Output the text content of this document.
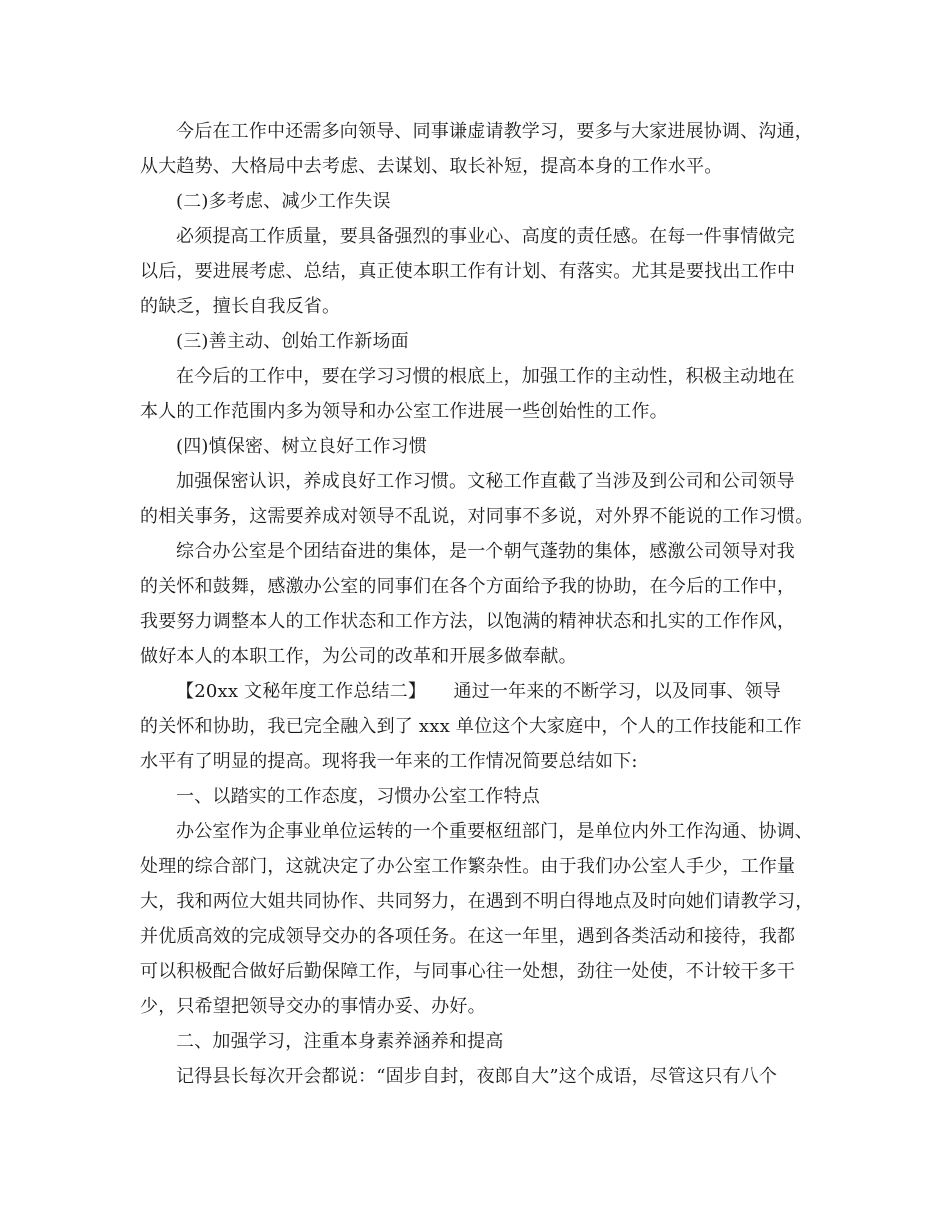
今后在工作中还需多向领导、同事谦虚请教学习，要多与大家进展协调、沟通，
从大趋势、大格局中去考虑、去谋划、取长补短，提高本身的工作水平。
(二)多考虑、减少工作失误
必须提高工作质量，要具备强烈的事业心、高度的责任感。在每一件事情做完
以后，要进展考虑、总结，真正使本职工作有计划、有落实。尤其是要找出工作中
的缺乏，擅长自我反省。
(三)善主动、创始工作新场面
在今后的工作中，要在学习习惯的根底上，加强工作的主动性，积极主动地在
本人的工作范围内多为领导和办公室工作进展一些创始性的工作。
(四)慎保密、树立良好工作习惯
加强保密认识，养成良好工作习惯。文秘工作直截了当涉及到公司和公司领导
的相关事务，这需要养成对领导不乱说，对同事不多说，对外界不能说的工作习惯。
综合办公室是个团结奋进的集体，是一个朝气蓬勃的集体，感激公司领导对我
的关怀和鼓舞，感激办公室的同事们在各个方面给予我的协助，在今后的工作中，
我要努力调整本人的工作状态和工作方法，以饱满的精神状态和扎实的工作作风，
做好本人的本职工作，为公司的改革和开展多做奉献。
【20xx 文秘年度工作总结二】　　通过一年来的不断学习，以及同事、领导
的关怀和协助，我已完全融入到了 xxx 单位这个大家庭中，个人的工作技能和工作
水平有了明显的提高。现将我一年来的工作情况简要总结如下:
一、以踏实的工作态度，习惯办公室工作特点
办公室作为企事业单位运转的一个重要枢纽部门，是单位内外工作沟通、协调、
处理的综合部门，这就决定了办公室工作繁杂性。由于我们办公室人手少，工作量
大，我和两位大姐共同协作、共同努力，在遇到不明白得地点及时向她们请教学习，
并优质高效的完成领导交办的各项任务。在这一年里，遇到各类活动和接待，我都
可以积极配合做好后勤保障工作，与同事心往一处想，劲往一处使，不计较干多干
少，只希望把领导交办的事情办妥、办好。
二、加强学习，注重本身素养涵养和提高
记得县长每次开会都说：“固步自封，夜郎自大”这个成语，尽管这只有八个
